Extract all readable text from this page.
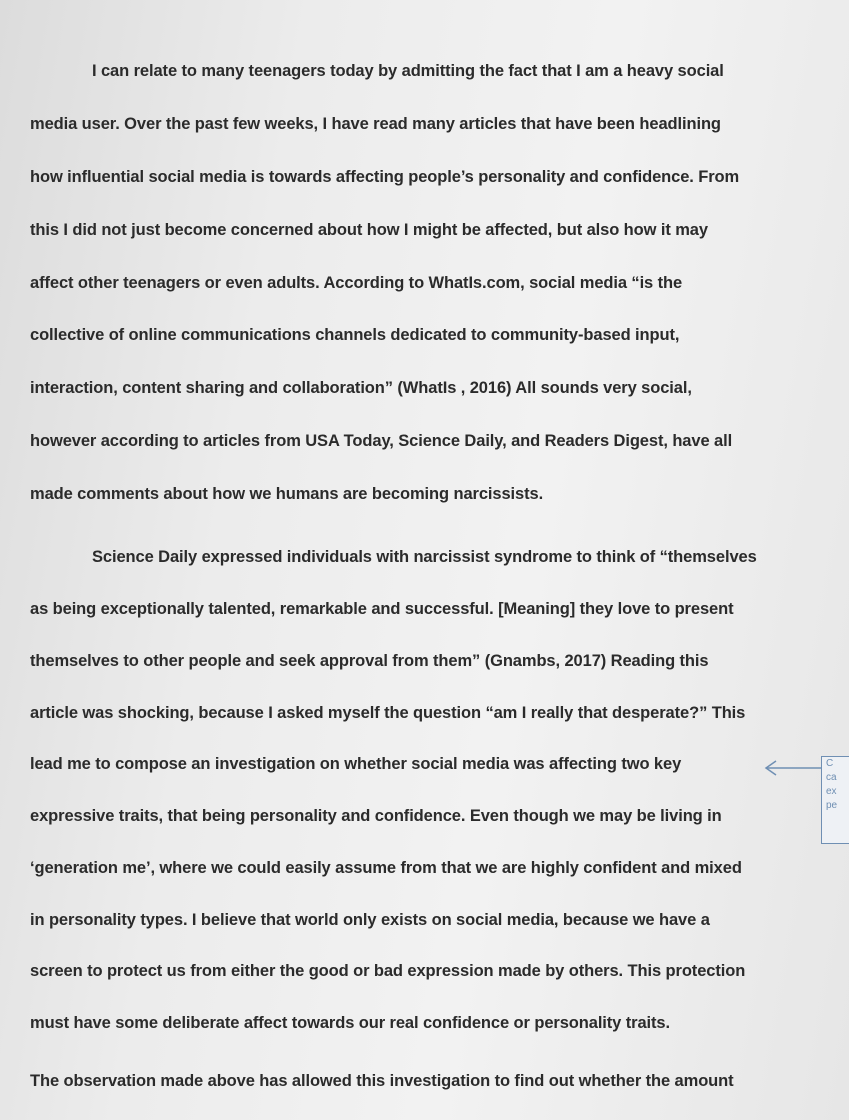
I can relate to many teenagers today by admitting the fact that I am a heavy social

media user. Over the past few weeks, I have read many articles that have been headlining

how influential social media is towards affecting people’s personality and confidence. From

this I did not just become concerned about how I might be affected, but also how it may

affect other teenagers or even adults. According to WhatIs.com, social media “is the

collective of online communications channels dedicated to community-based input,

interaction, content sharing and collaboration” (WhatIs , 2016) All sounds very social,

however according to articles from USA Today, Science Daily, and Readers Digest, have all

made comments about how we humans are becoming narcissists.

Science Daily expressed individuals with narcissist syndrome to think of “themselves

as being exceptionally talented, remarkable and successful. [Meaning] they love to present

themselves to other people and seek approval from them” (Gnambs, 2017) Reading this

article was shocking, because I asked myself the question “am I really that desperate?” This

lead me to compose an investigation on whether social media was affecting two key

expressive traits, that being personality and confidence. Even though we may be living in

‘generation me’, where we could easily assume from that we are highly confident and mixed

in personality types. I believe that world only exists on social media, because we have a

screen to protect us from either the good or bad expression made by others. This protection

must have some deliberate affect towards our real confidence or personality traits.

The observation made above has allowed this investigation to find out whether the amount

C
ca
ex
pe
